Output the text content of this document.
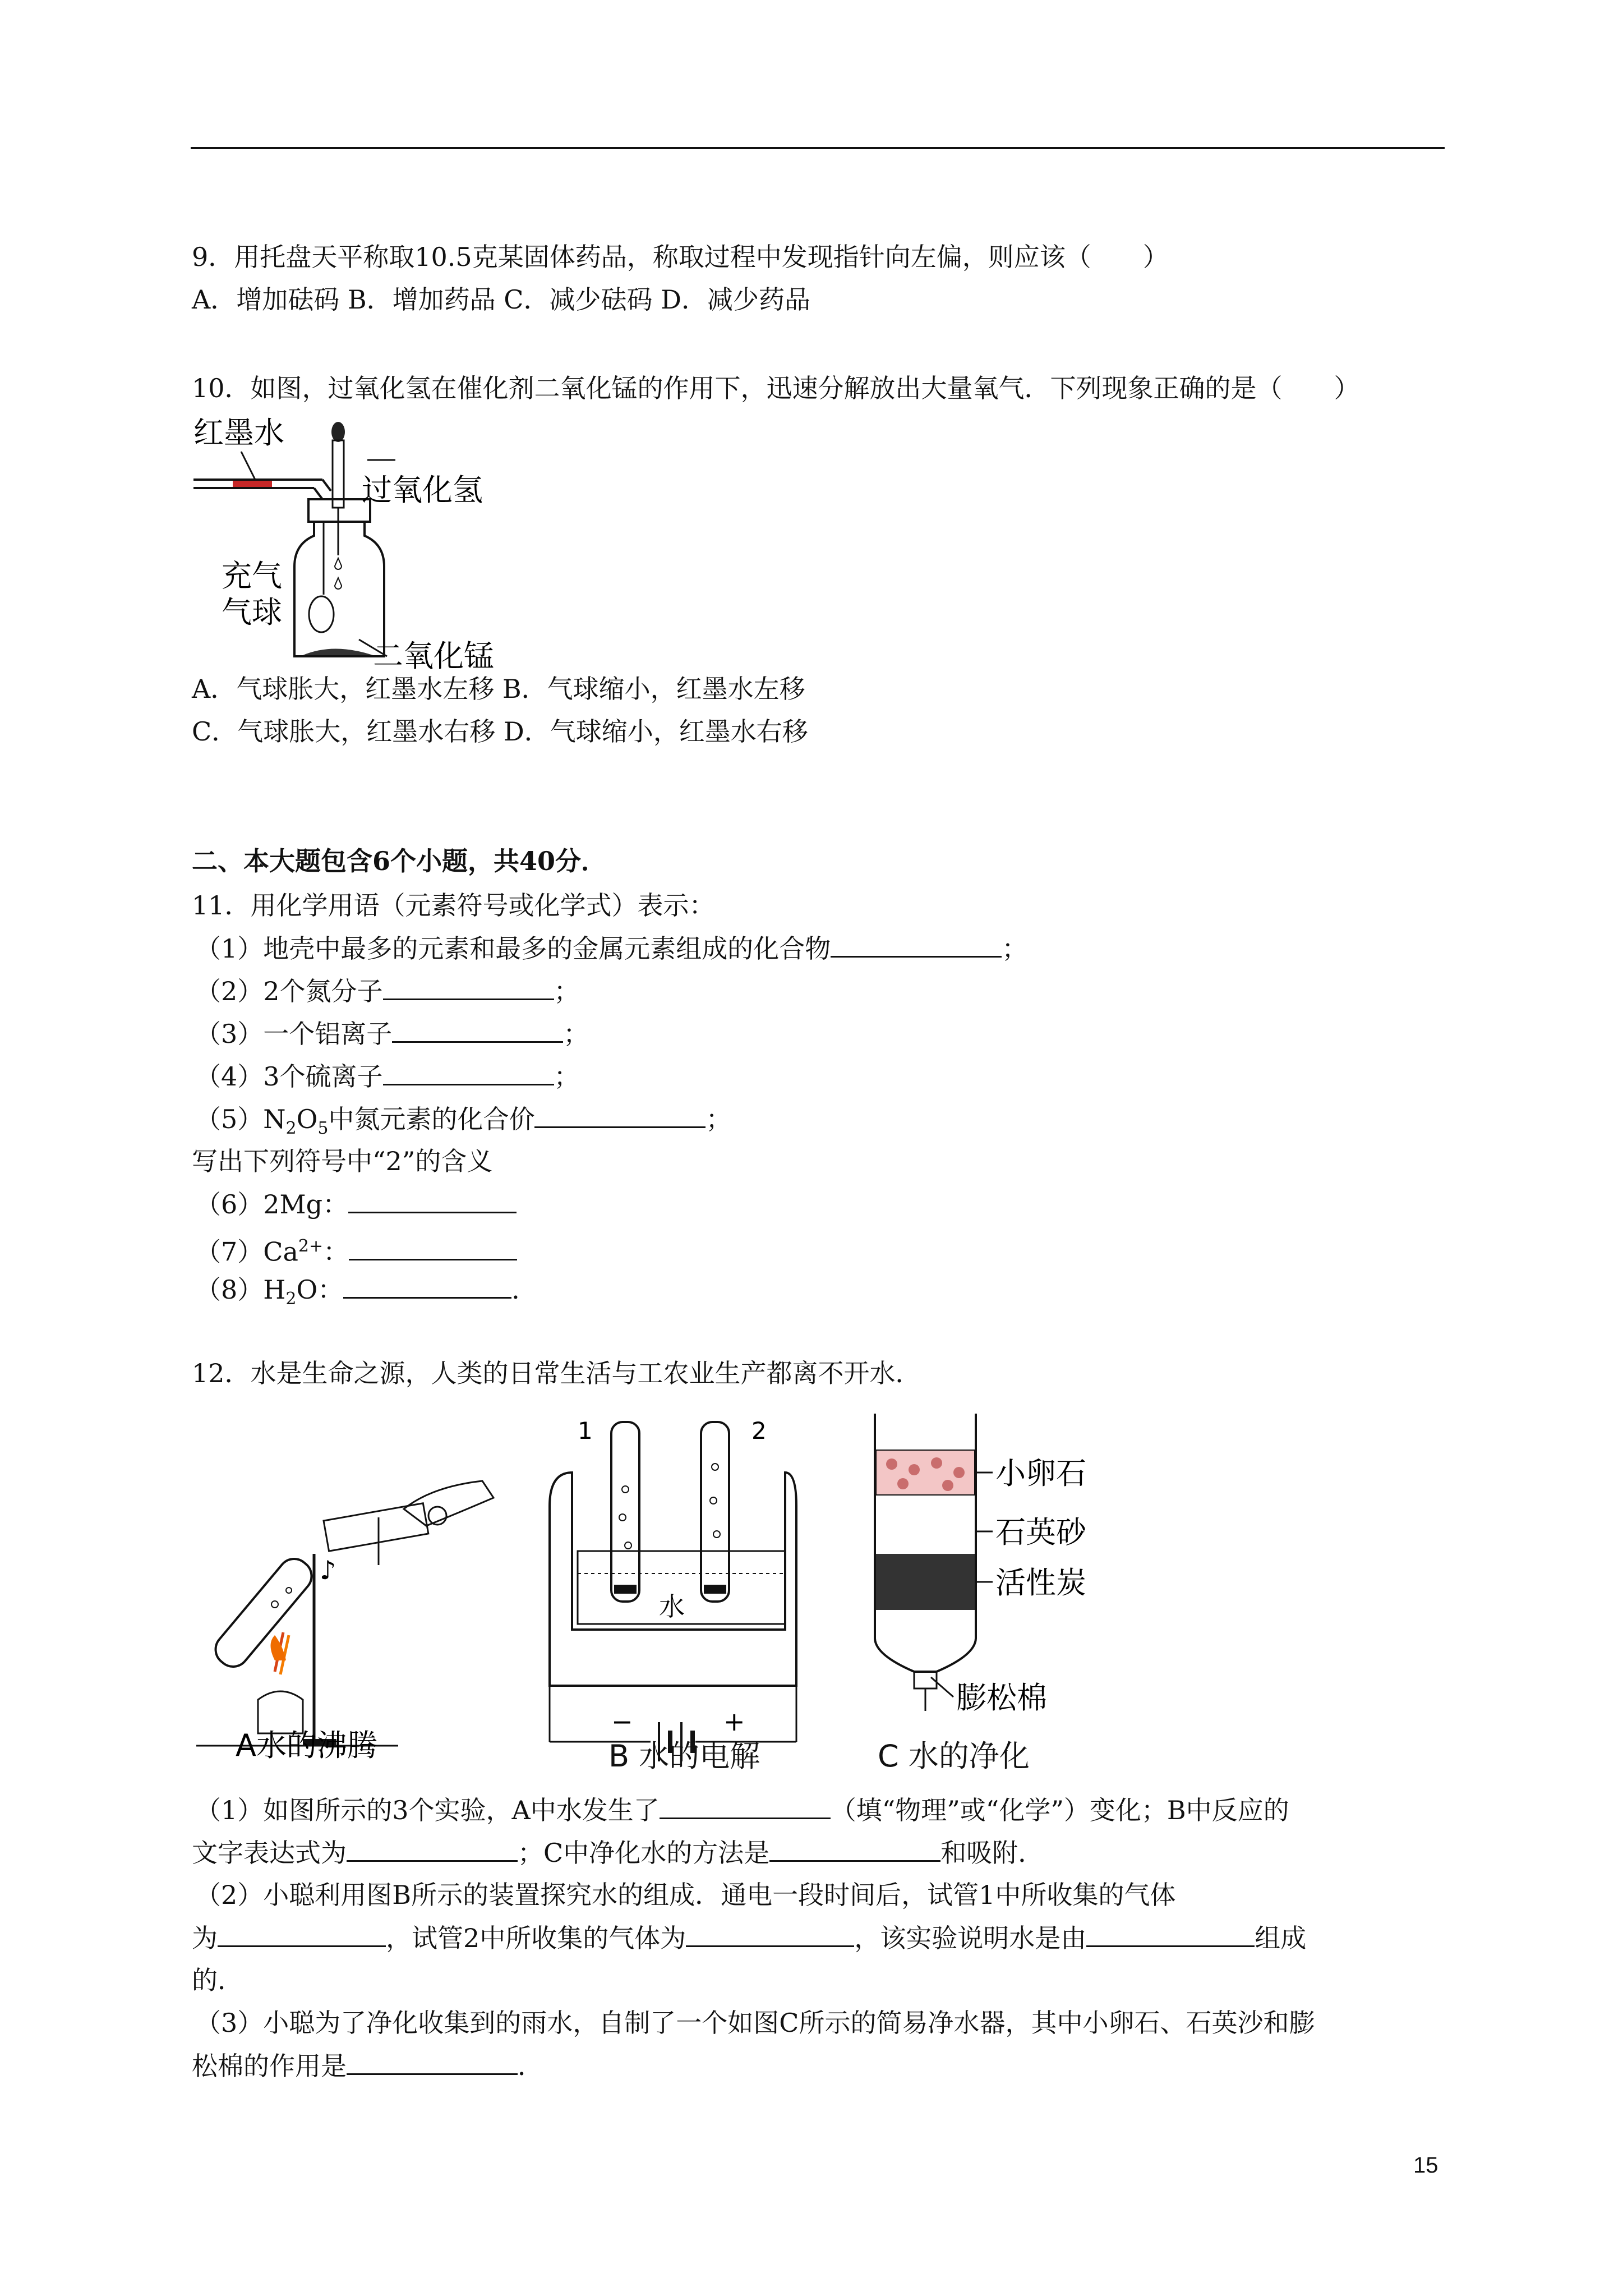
9．用托盘天平称取10.5克某固体药品，称取过程中发现指针向左偏，则应该（　　）
A．增加砝码 B．增加药品 C．减少砝码 D．减少药品
10．如图，过氧化氢在催化剂二氧化锰的作用下，迅速分解放出大量氧气．下列现象正确的是（　　）
红墨水
过氧化氢
充气
气球
二氧化锰
A．气球胀大，红墨水左移 B．气球缩小，红墨水左移
C．气球胀大，红墨水右移 D．气球缩小，红墨水右移
二、本大题包含6个小题，共40分．
11．用化学用语（元素符号或化学式）表示：
（1）地壳中最多的元素和最多的金属元素组成的化合物	；
（2）2个氮分子	；
（3）一个铝离子	；
（4）3个硫离子	；
$(5)N_2O_5$中氮元素的化合价	；
写出下列符号中“2”的含义
（6）2Mg：
$(7)Ca^{2+}$：
$(8)H_2O$：	．
12．水是生命之源，人类的日常生活与工农业生产都离不开水．
♪
A水的沸腾
1	2
水
−	+
B 水的电解
小卵石
石英砂
活性炭
膨松棉
C 水的净化
（1）如图所示的3个实验，A中水发生了	（填“物理”或“化学”）变化；B中反应的
文字表达式为	；C中净化水的方法是	和吸附．
（2）小聪利用图B所示的装置探究水的组成．通电一段时间后，试管1中所收集的气体
为	，试管2中所收集的气体为	，该实验说明水是由	组成
的．
（3）小聪为了净化收集到的雨水，自制了一个如图C所示的简易净水器，其中小卵石、石英沙和膨
松棉的作用是	．
15
